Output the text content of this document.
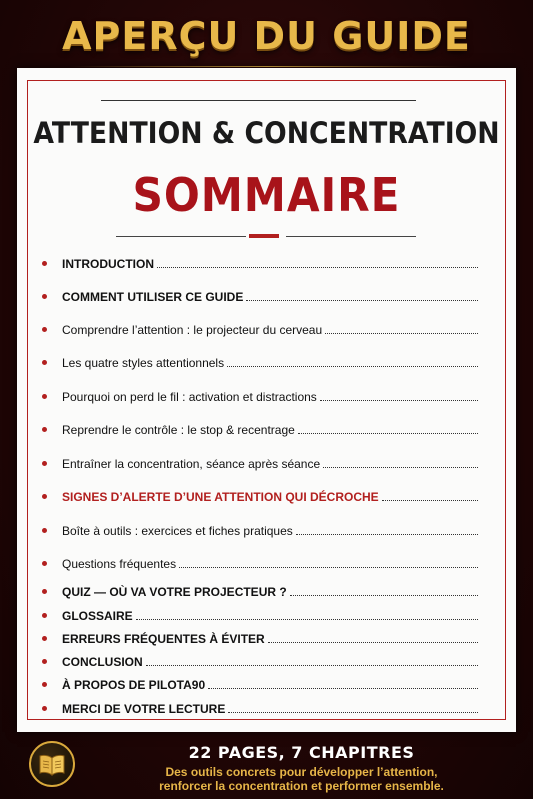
APERÇU DU GUIDE
ATTENTION & CONCENTRATION
SOMMAIRE
INTRODUCTION
COMMENT UTILISER CE GUIDE
Comprendre l’attention : le projecteur du cerveau
Les quatre styles attentionnels
Pourquoi on perd le fil : activation et distractions
Reprendre le contrôle : le stop & recentrage
Entraîner la concentration, séance après séance
SIGNES D’ALERTE D’UNE ATTENTION QUI DÉCROCHE
Boîte à outils : exercices et fiches pratiques
Questions fréquentes
QUIZ — OÙ VA VOTRE PROJECTEUR ?
GLOSSAIRE
ERREURS FRÉQUENTES À ÉVITER
CONCLUSION
À PROPOS DE PILOTA90
MERCI DE VOTRE LECTURE
22 PAGES, 7 CHAPITRES
Des outils concrets pour développer l’attention,
renforcer la concentration et performer ensemble.
